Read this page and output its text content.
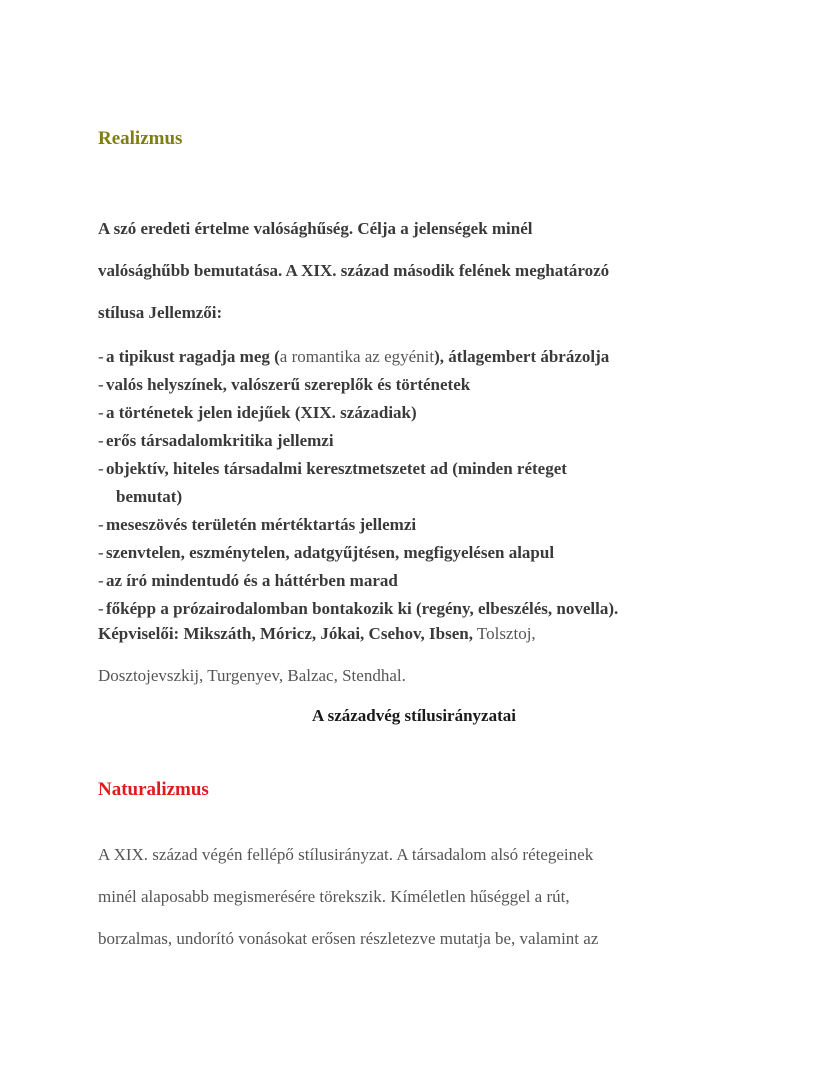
Realizmus

A szó eredeti értelme valósághűség. Célja a jelenségek minél

valósághűbb bemutatása. A XIX. század második felének meghatározó

stílusa Jellemzői:

- a tipikust ragadja meg (a romantika az egyénit), átlagembert ábrázolja
- valós helyszínek, valószerű szereplők és történetek
- a történetek jelen idejűek (XIX. századiak)
- erős társadalomkritika jellemzi
- objektív, hiteles társadalmi keresztmetszetet ad (minden réteget
bemutat)
- meseszövés területén mértéktartás jellemzi
- szenvtelen, eszménytelen, adatgyűjtésen, megfigyelésen alapul
- az író mindentudó és a háttérben marad
- főképp a prózairodalomban bontakozik ki (regény, elbeszélés, novella).

Képviselői: Mikszáth, Móricz, Jókai, Csehov, Ibsen, Tolsztoj,

Dosztojevszkij, Turgenyev, Balzac, Stendhal.

A századvég stílusirányzatai

Naturalizmus

A XIX. század végén fellépő stílusirányzat. A társadalom alsó rétegeinek

minél alaposabb megismerésére törekszik. Kíméletlen hűséggel a rút,

borzalmas, undorító vonásokat erősen részletezve mutatja be, valamint az
